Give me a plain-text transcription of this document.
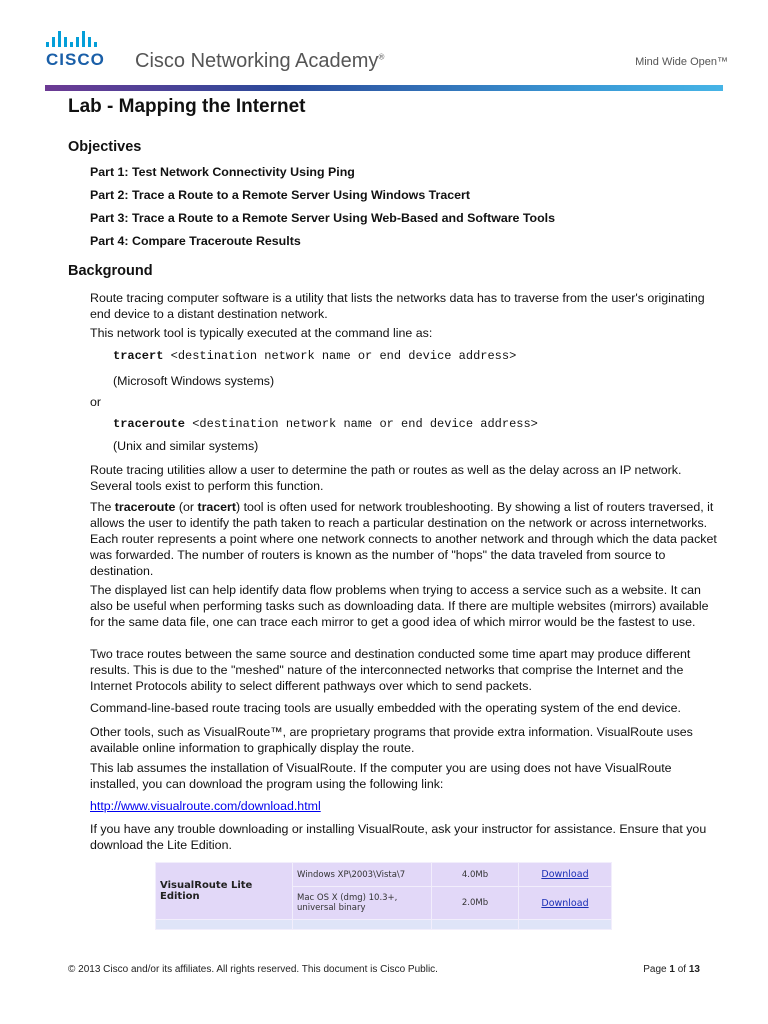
CISCO Cisco Networking Academy®	Mind Wide Open™
Lab - Mapping the Internet
Objectives
Part 1: Test Network Connectivity Using Ping
Part 2: Trace a Route to a Remote Server Using Windows Tracert
Part 3: Trace a Route to a Remote Server Using Web-Based and Software Tools
Part 4: Compare Traceroute Results
Background
Route tracing computer software is a utility that lists the networks data has to traverse from the user's originating end device to a distant destination network.
This network tool is typically executed at the command line as:
tracert <destination network name or end device address>
(Microsoft Windows systems)
or
traceroute <destination network name or end device address>
(Unix and similar systems)
Route tracing utilities allow a user to determine the path or routes as well as the delay across an IP network. Several tools exist to perform this function.
The traceroute (or tracert) tool is often used for network troubleshooting. By showing a list of routers traversed, it allows the user to identify the path taken to reach a particular destination on the network or across internetworks. Each router represents a point where one network connects to another network and through which the data packet was forwarded. The number of routers is known as the number of "hops" the data traveled from source to destination.
The displayed list can help identify data flow problems when trying to access a service such as a website. It can also be useful when performing tasks such as downloading data. If there are multiple websites (mirrors) available for the same data file, one can trace each mirror to get a good idea of which mirror would be the fastest to use.
Two trace routes between the same source and destination conducted some time apart may produce different results. This is due to the "meshed" nature of the interconnected networks that comprise the Internet and the Internet Protocols ability to select different pathways over which to send packets.
Command-line-based route tracing tools are usually embedded with the operating system of the end device.
Other tools, such as VisualRoute™, are proprietary programs that provide extra information. VisualRoute uses available online information to graphically display the route.
This lab assumes the installation of VisualRoute. If the computer you are using does not have VisualRoute installed, you can download the program using the following link:
http://www.visualroute.com/download.html
If you have any trouble downloading or installing VisualRoute, ask your instructor for assistance. Ensure that you download the Lite Edition.
VisualRoute Lite Edition	Windows XP\2003\Vista\7	4.0Mb	Download
	Mac OS X (dmg) 10.3+, universal binary	2.0Mb	Download

© 2013 Cisco and/or its affiliates. All rights reserved. This document is Cisco Public.	Page 1 of 13
